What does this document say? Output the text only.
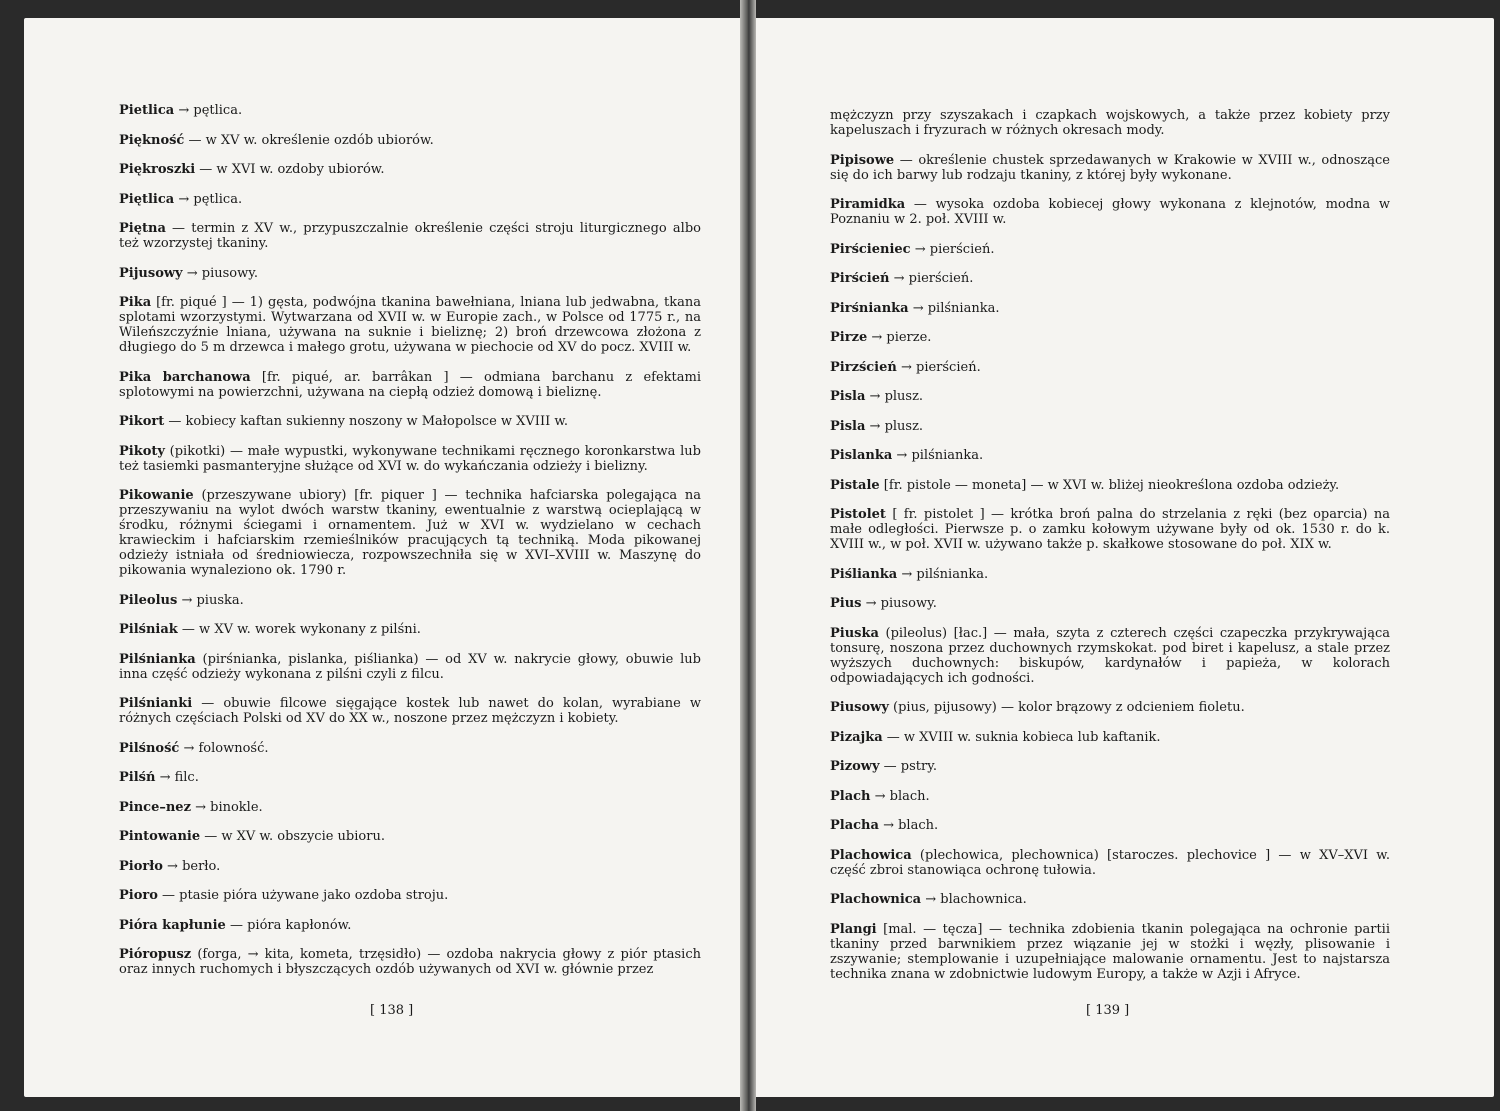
Pietlica → pętlica.
Piękność — w XV w. określenie ozdób ubiorów.
Piękroszki — w XVI w. ozdoby ubiorów.
Piętlica → pętlica.
Piętna — termin z XV w., przypuszczalnie określenie części stroju liturgicznego albo też wzorzystej tkaniny.
Pijusowy → piusowy.
Pika [fr. piqué ] — 1) gęsta, podwójna tkanina bawełniana, lniana lub jedwabna, tkana splotami wzorzystymi. Wytwarzana od XVII w. w Europie zach., w Polsce od 1775 r., na Wileńszczyźnie lniana, używana na suknie i bieliznę; 2) broń drzewcowa złożona z długiego do 5 m drzewca i małego grotu, używana w piechocie od XV do pocz. XVIII w.
Pika barchanowa [fr. piqué, ar. barrâkan ] — odmiana barchanu z efektami splotowymi na powierzchni, używana na ciepłą odzież domową i bieliznę.
Pikort — kobiecy kaftan sukienny noszony w Małopolsce w XVIII w.
Pikoty (pikotki) — małe wypustki, wykonywane technikami ręcznego koronkarstwa lub też tasiemki pasmanteryjne służące od XVI w. do wykańczania odzieży i bielizny.
Pikowanie (przeszywane ubiory) [fr. piquer ] — technika hafciarska polegająca na przeszywaniu na wylot dwóch warstw tkaniny, ewentualnie z warstwą ocieplającą w środku, różnymi ściegami i ornamentem. Już w XVI w. wydzielano w cechach krawieckim i hafciarskim rzemieślników pracujących tą techniką. Moda pikowanej odzieży istniała od średniowiecza, rozpowszechniła się w XVI–XVIII w. Maszynę do pikowania wynaleziono ok. 1790 r.
Pileolus → piuska.
Pilśniak — w XV w. worek wykonany z pilśni.
Pilśnianka (pirśnianka, pislanka, piślianka) — od XV w. nakrycie głowy, obuwie lub inna część odzieży wykonana z pilśni czyli z filcu.
Pilśnianki — obuwie filcowe sięgające kostek lub nawet do kolan, wyrabiane w różnych częściach Polski od XV do XX w., noszone przez mężczyzn i kobiety.
Pilśność → folowność.
Pilśń → filc.
Pince–nez → binokle.
Pintowanie — w XV w. obszycie ubioru.
Piorło → berło.
Pioro — ptasie pióra używane jako ozdoba stroju.
Pióra kapłunie — pióra kapłonów.
Pióropusz (forga, → kita, kometa, trzęsidło) — ozdoba nakrycia głowy z piór ptasich oraz innych ruchomych i błyszczących ozdób używanych od XVI w. głównie przez
[ 138 ]
mężczyzn przy szyszakach i czapkach wojskowych, a także przez kobiety przy kapeluszach i fryzurach w różnych okresach mody.
Pipisowe — określenie chustek sprzedawanych w Krakowie w XVIII w., odnoszące się do ich barwy lub rodzaju tkaniny, z której były wykonane.
Piramidka — wysoka ozdoba kobiecej głowy wykonana z klejnotów, modna w Poznaniu w 2. poł. XVIII w.
Pirścieniec → pierścień.
Pirścień → pierścień.
Pirśnianka → pilśnianka.
Pirze → pierze.
Pirzścień → pierścień.
Pisla → plusz.
Pisla → plusz.
Pislanka → pilśnianka.
Pistale [fr. pistole — moneta] — w XVI w. bliżej nieokreślona ozdoba odzieży.
Pistolet [ fr. pistolet ] — krótka broń palna do strzelania z ręki (bez oparcia) na małe odległości. Pierwsze p. o zamku kołowym używane były od ok. 1530 r. do k. XVIII w., w poł. XVII w. używano także p. skałkowe stosowane do poł. XIX w.
Piślianka → pilśnianka.
Pius → piusowy.
Piuska (pileolus) [łac.] — mała, szyta z czterech części czapeczka przykrywająca tonsurę, noszona przez duchownych rzymskokat. pod biret i kapelusz, a stale przez wyższych duchownych: biskupów, kardynałów i papieża, w kolorach odpowiadających ich godności.
Piusowy (pius, pijusowy) — kolor brązowy z odcieniem fioletu.
Pizajka — w XVIII w. suknia kobieca lub kaftanik.
Pizowy — pstry.
Plach → blach.
Placha → blach.
Plachowica (plechowica, plechownica) [staroczes. plechovice ] — w XV–XVI w. część zbroi stanowiąca ochronę tułowia.
Plachownica → blachownica.
Plangi [mal. — tęcza] — technika zdobienia tkanin polegająca na ochronie partii tkaniny przed barwnikiem przez wiązanie jej w stożki i węzły, plisowanie i zszywanie; stemplowanie i uzupełniające malowanie ornamentu. Jest to najstarsza technika znana w zdobnictwie ludowym Europy, a także w Azji i Afryce.
[ 139 ]
